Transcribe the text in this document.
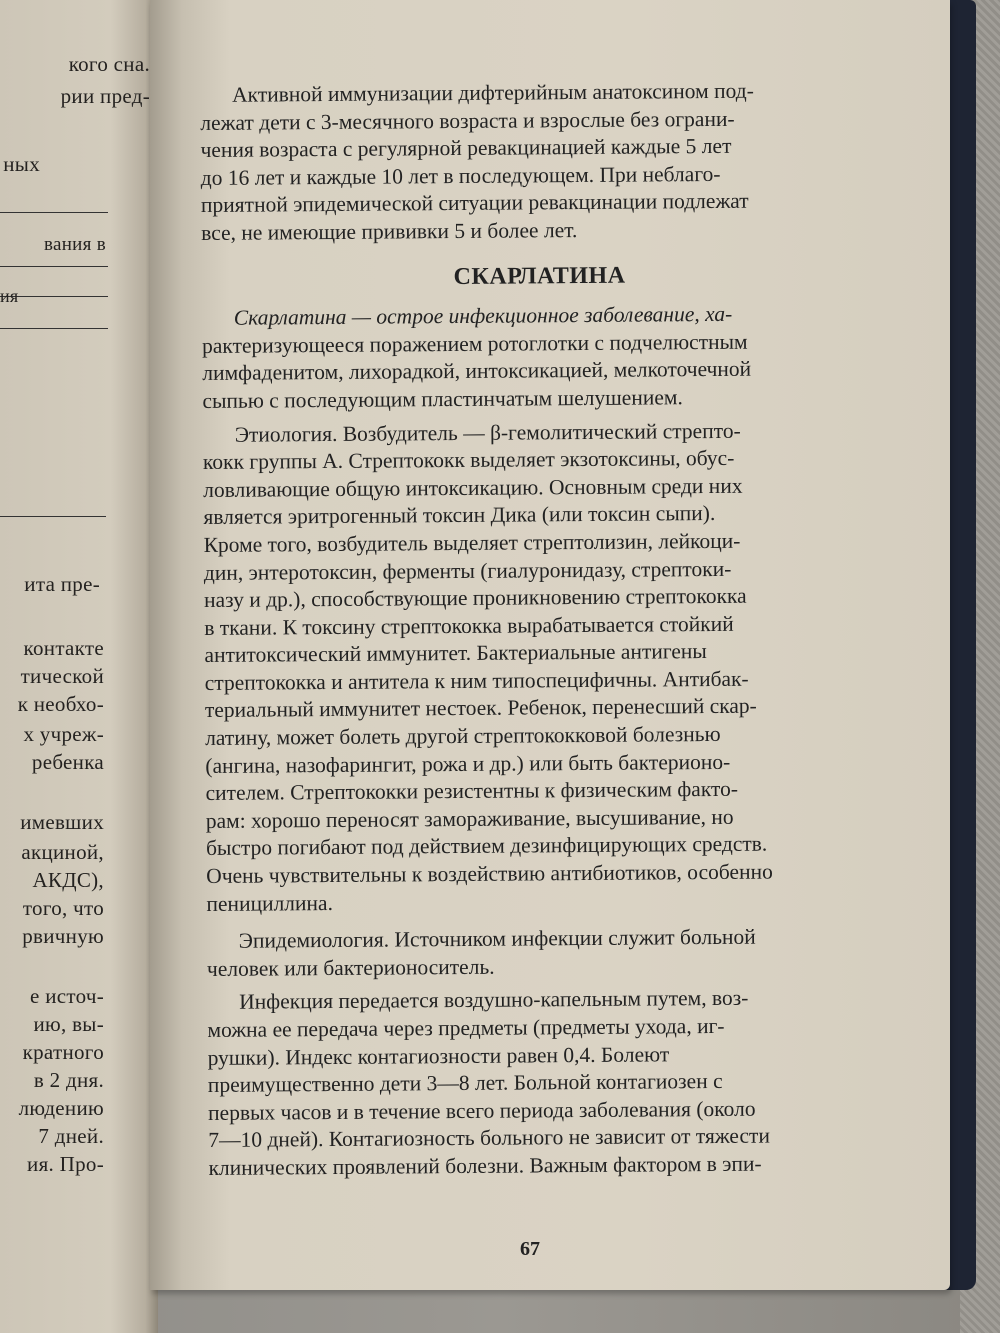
кого сна.
рии пред-
ных
вания в
ия
ита пре-
контакте
тической
к необхо-
х учреж-
ребенка
имевших
акциной,
АКДС),
того, что
рвичную
е источ-
ию, вы-
кратного
в 2 дня.
людению
7 дней.
ия. Про-
Активной иммунизации дифтерийным анатоксином под-
лежат дети с 3-месячного возраста и взрослые без ограни-
чения возраста с регулярной ревакцинацией каждые 5 лет
до 16 лет и каждые 10 лет в последующем. При неблаго-
приятной эпидемической ситуации ревакцинации подлежат
все, не имеющие прививки 5 и более лет.
СКАРЛАТИНА
Скарлатина — острое инфекционное заболевание, ха-
рактеризующееся поражением ротоглотки с подчелюстным
лимфаденитом, лихорадкой, интоксикацией, мелкоточечной
сыпью с последующим пластинчатым шелушением.
Этиология. Возбудитель — β-гемолитический стрепто-
кокк группы А. Стрептококк выделяет экзотоксины, обус-
ловливающие общую интоксикацию. Основным среди них
является эритрогенный токсин Дика (или токсин сыпи).
Кроме того, возбудитель выделяет стрептолизин, лейкоци-
дин, энтеротоксин, ферменты (гиалуронидазу, стрептоки-
назу и др.), способствующие проникновению стрептококка
в ткани. К токсину стрептококка вырабатывается стойкий
антитоксический иммунитет. Бактериальные антигены
стрептококка и антитела к ним типоспецифичны. Антибак-
териальный иммунитет нестоек. Ребенок, перенесший скар-
латину, может болеть другой стрептококковой болезнью
(ангина, назофарингит, рожа и др.) или быть бактерионо-
сителем. Стрептококки резистентны к физическим факто-
рам: хорошо переносят замораживание, высушивание, но
быстро погибают под действием дезинфицирующих средств.
Очень чувствительны к воздействию антибиотиков, особенно
пенициллина.
Эпидемиология. Источником инфекции служит больной
человек или бактерионоситель.
Инфекция передается воздушно-капельным путем, воз-
можна ее передача через предметы (предметы ухода, иг-
рушки). Индекс контагиозности равен 0,4. Болеют
преимущественно дети 3—8 лет. Больной контагиозен с
первых часов и в течение всего периода заболевания (около
7—10 дней). Контагиозность больного не зависит от тяжести
клинических проявлений болезни. Важным фактором в эпи-
67
